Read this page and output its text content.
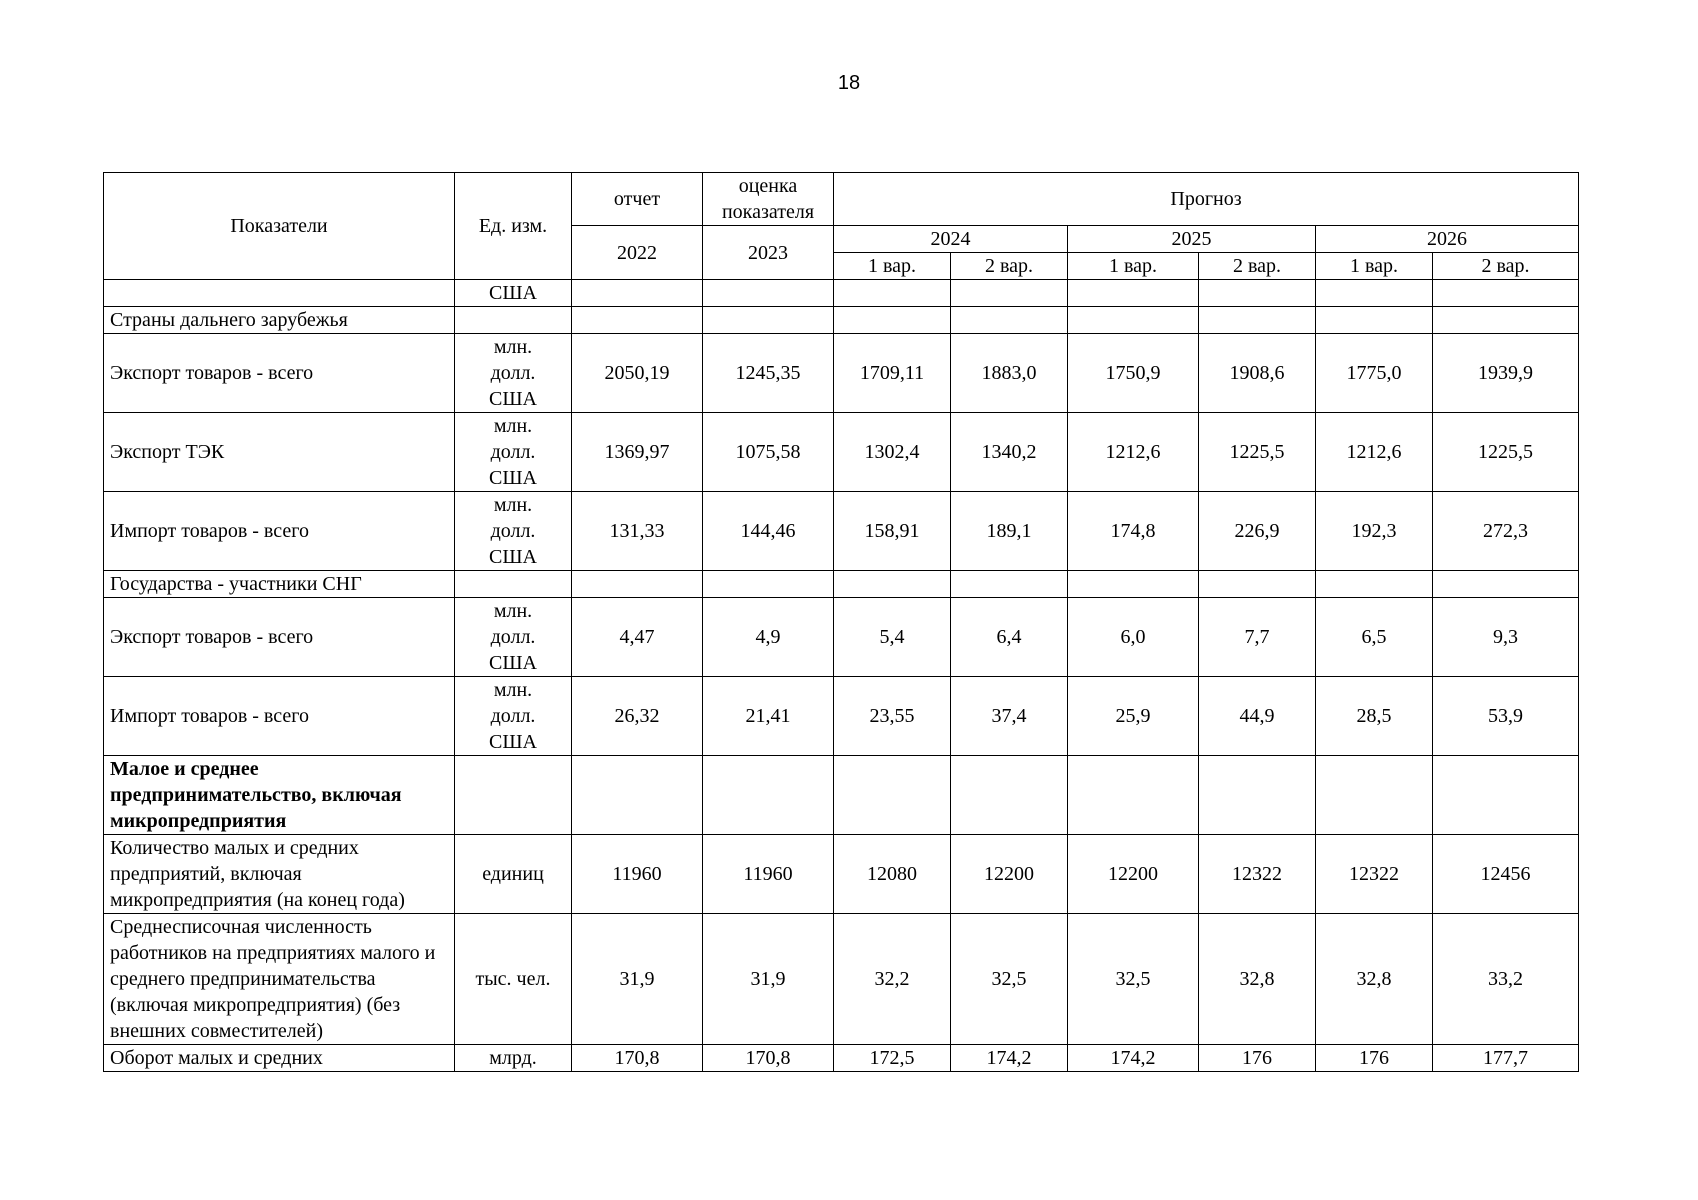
18
Показатели	Ед. изм.	отчет	оценка показателя	Прогноз					
		2022	2023	2024		2025		2026	
				1 вар.	2 вар.	1 вар.	2 вар.	1 вар.	2 вар.

	США								

Страны дальнего зарубежья									
Экспорт товаров - всего	млн.
долл.
США	2050,19	1245,35	1709,11	1883,0	1750,9	1908,6	1775,0	1939,9
Экспорт ТЭК	млн.
долл.
США	1369,97	1075,58	1302,4	1340,2	1212,6	1225,5	1212,6	1225,5
Импорт товаров - всего	млн.
долл.
США	131,33	144,46	158,91	189,1	174,8	226,9	192,3	272,3
Государства - участники СНГ									
Экспорт товаров - всего	млн.
долл.
США	4,47	4,9	5,4	6,4	6,0	7,7	6,5	9,3
Импорт товаров - всего	млн.
долл.
США	26,32	21,41	23,55	37,4	25,9	44,9	28,5	53,9
Малое и среднее предпринимательство, включая микропредприятия									
Количество малых и средних предприятий, включая микропредприятия (на конец года)	единиц	11960	11960	12080	12200	12200	12322	12322	12456
Среднесписочная численность работников на предприятиях малого и среднего предпринимательства (включая микропредприятия) (без внешних совместителей)	тыс. чел.	31,9	31,9	32,2	32,5	32,5	32,8	32,8	33,2
Оборот малых и средних	млрд.	170,8	170,8	172,5	174,2	174,2	176	176	177,7
